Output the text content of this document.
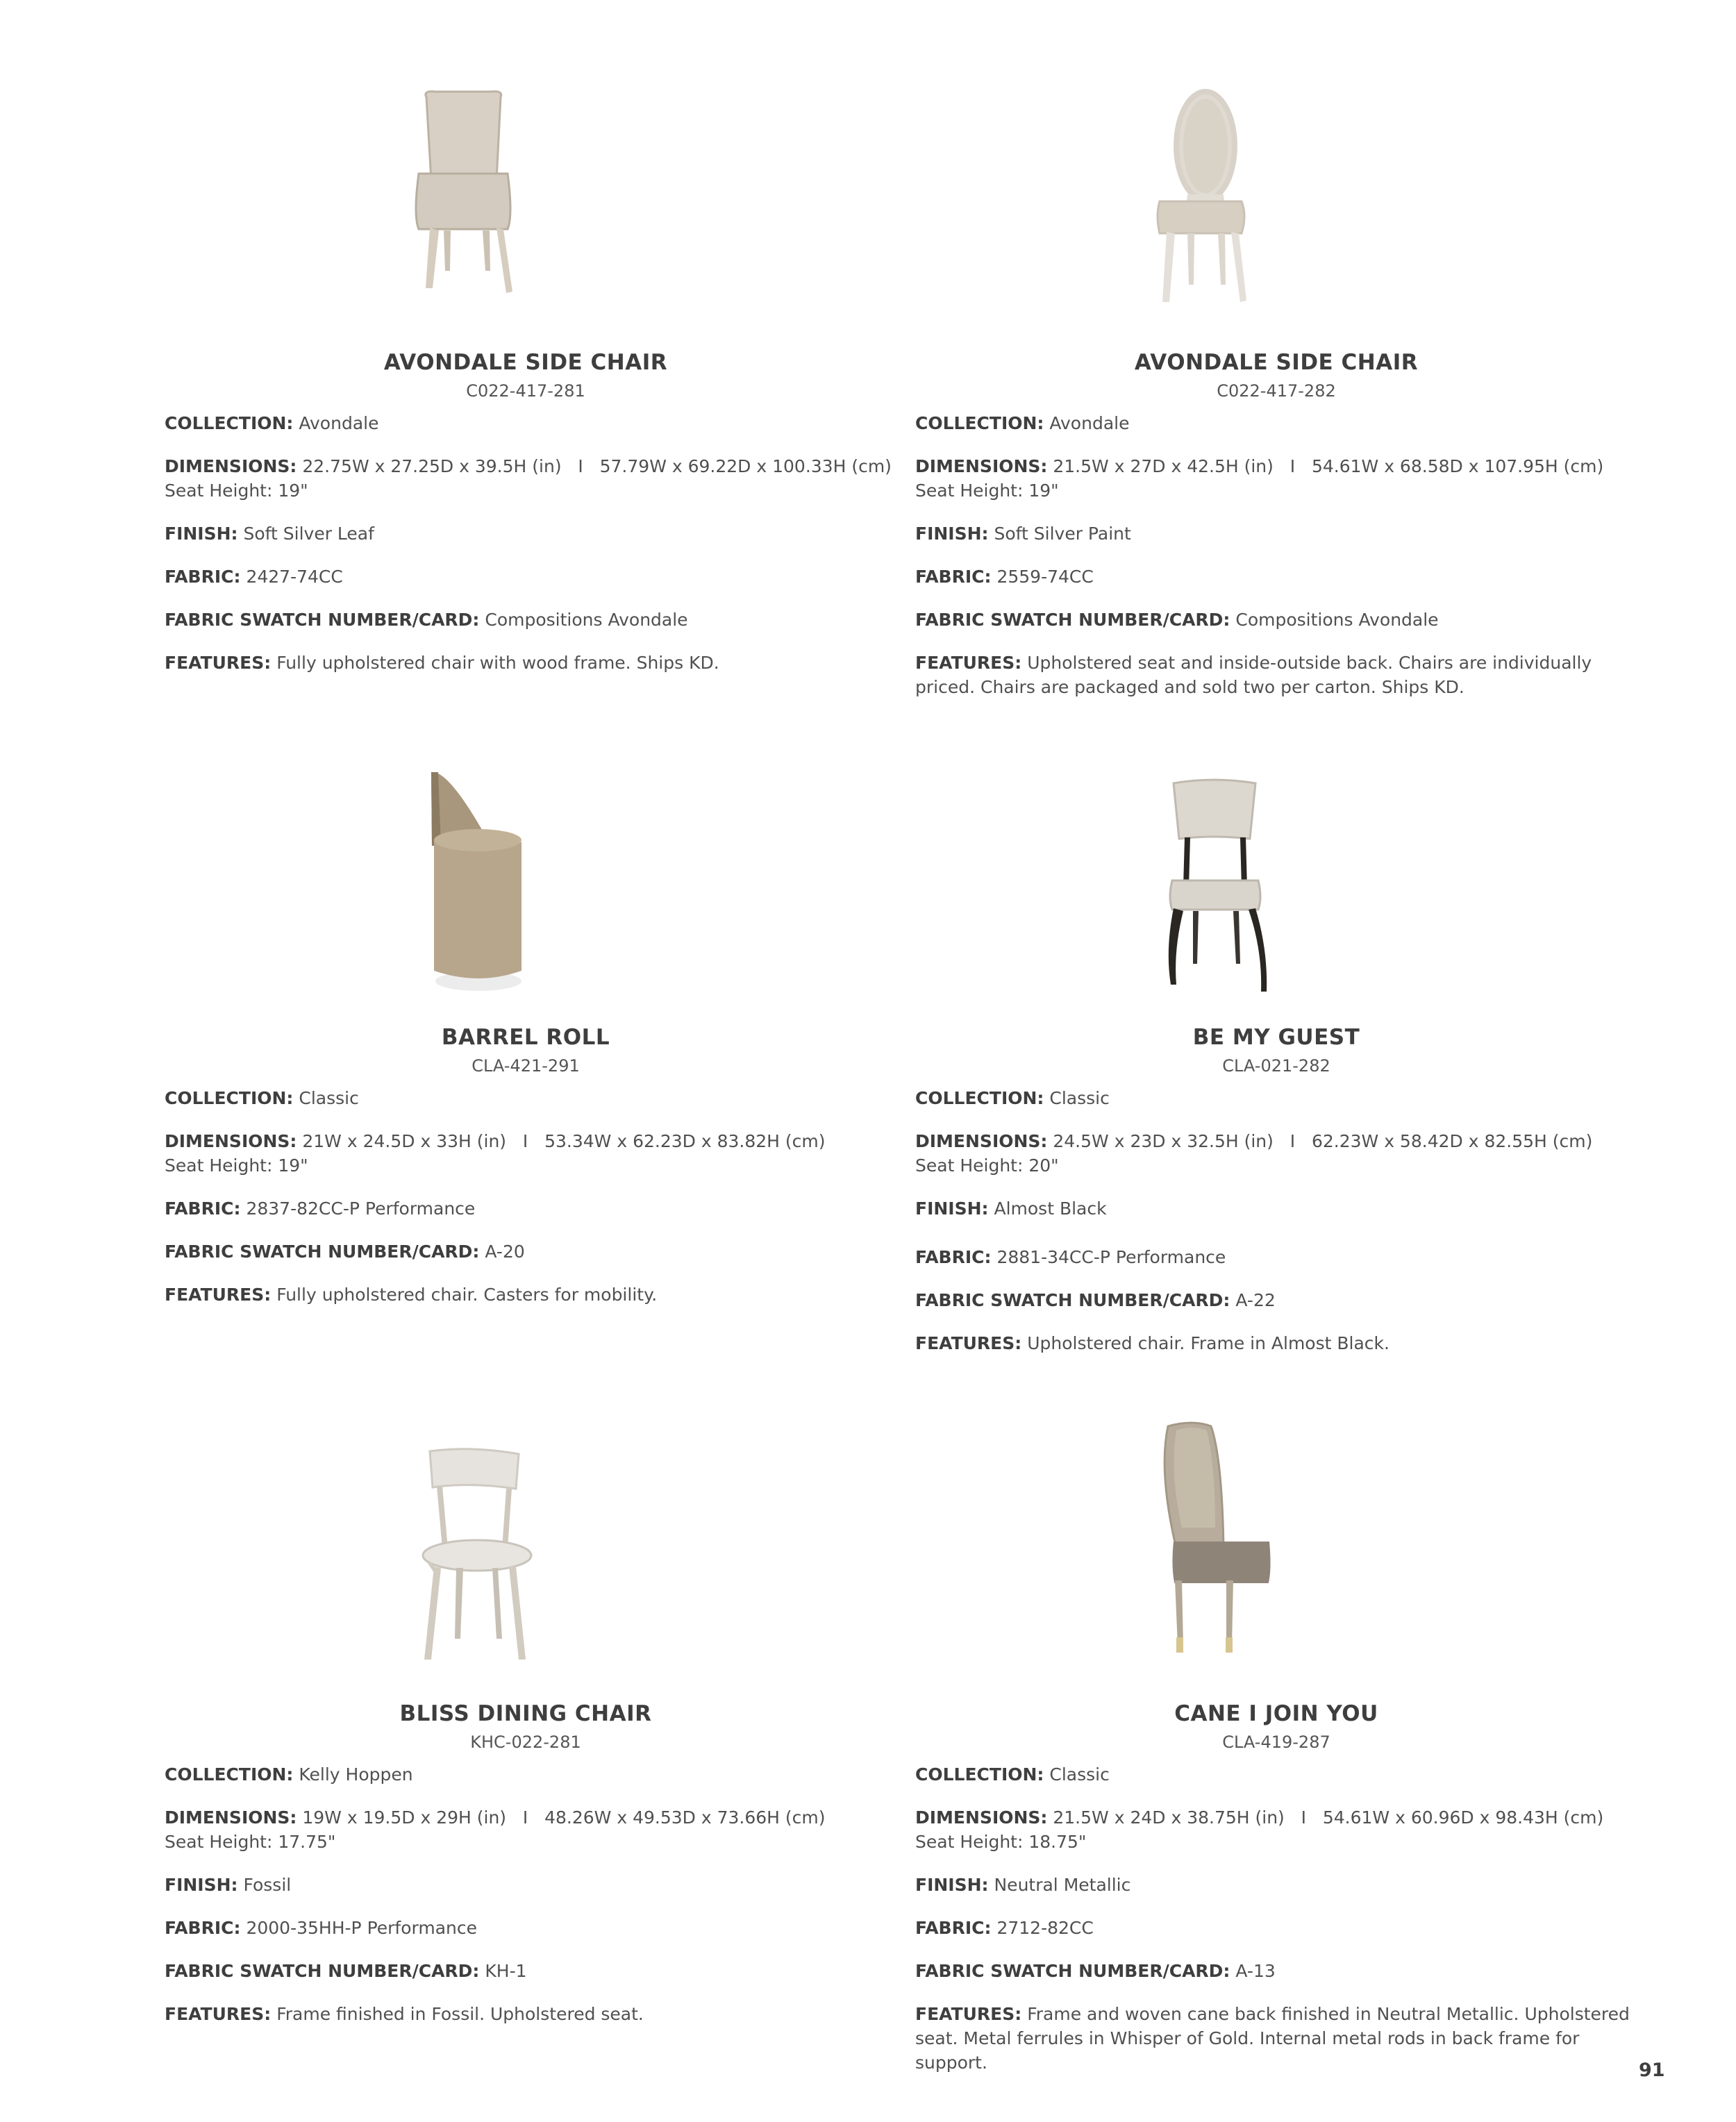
AVONDALE SIDE CHAIR
C022-417-281
COLLECTION: Avondale
DIMENSIONS: 22.75W x 27.25D x 39.5H (in)   I   57.79W x 69.22D x 100.33H (cm)
Seat Height: 19"
FINISH: Soft Silver Leaf
FABRIC: 2427-74CC
FABRIC SWATCH NUMBER/CARD: Compositions Avondale
FEATURES: Fully upholstered chair with wood frame. Ships KD.
AVONDALE SIDE CHAIR
C022-417-282
COLLECTION: Avondale
DIMENSIONS: 21.5W x 27D x 42.5H (in)   I   54.61W x 68.58D x 107.95H (cm)
Seat Height: 19"
FINISH: Soft Silver Paint
FABRIC: 2559-74CC
FABRIC SWATCH NUMBER/CARD: Compositions Avondale
FEATURES: Upholstered seat and inside-outside back. Chairs are individually priced. Chairs are packaged and sold two per carton. Ships KD.
BARREL ROLL
CLA-421-291
COLLECTION: Classic
DIMENSIONS: 21W x 24.5D x 33H (in)   I   53.34W x 62.23D x 83.82H (cm)
Seat Height: 19"
FABRIC: 2837-82CC-P Performance
FABRIC SWATCH NUMBER/CARD: A-20
FEATURES: Fully upholstered chair. Casters for mobility.
BE MY GUEST
CLA-021-282
COLLECTION: Classic
DIMENSIONS: 24.5W x 23D x 32.5H (in)   I   62.23W x 58.42D x 82.55H (cm)
Seat Height: 20"
FINISH: Almost Black
FABRIC: 2881-34CC-P Performance
FABRIC SWATCH NUMBER/CARD: A-22
FEATURES: Upholstered chair. Frame in Almost Black.
BLISS DINING CHAIR
KHC-022-281
COLLECTION: Kelly Hoppen
DIMENSIONS: 19W x 19.5D x 29H (in)   I   48.26W x 49.53D x 73.66H (cm)
Seat Height: 17.75"
FINISH: Fossil
FABRIC: 2000-35HH-P Performance
FABRIC SWATCH NUMBER/CARD: KH-1
FEATURES: Frame finished in Fossil. Upholstered seat.
CANE I JOIN YOU
CLA-419-287
COLLECTION: Classic
DIMENSIONS: 21.5W x 24D x 38.75H (in)   I   54.61W x 60.96D x 98.43H (cm)
Seat Height: 18.75"
FINISH: Neutral Metallic
FABRIC: 2712-82CC
FABRIC SWATCH NUMBER/CARD: A-13
FEATURES: Frame and woven cane back finished in Neutral Metallic. Upholstered seat. Metal ferrules in Whisper of Gold. Internal metal rods in back frame for support.	91
